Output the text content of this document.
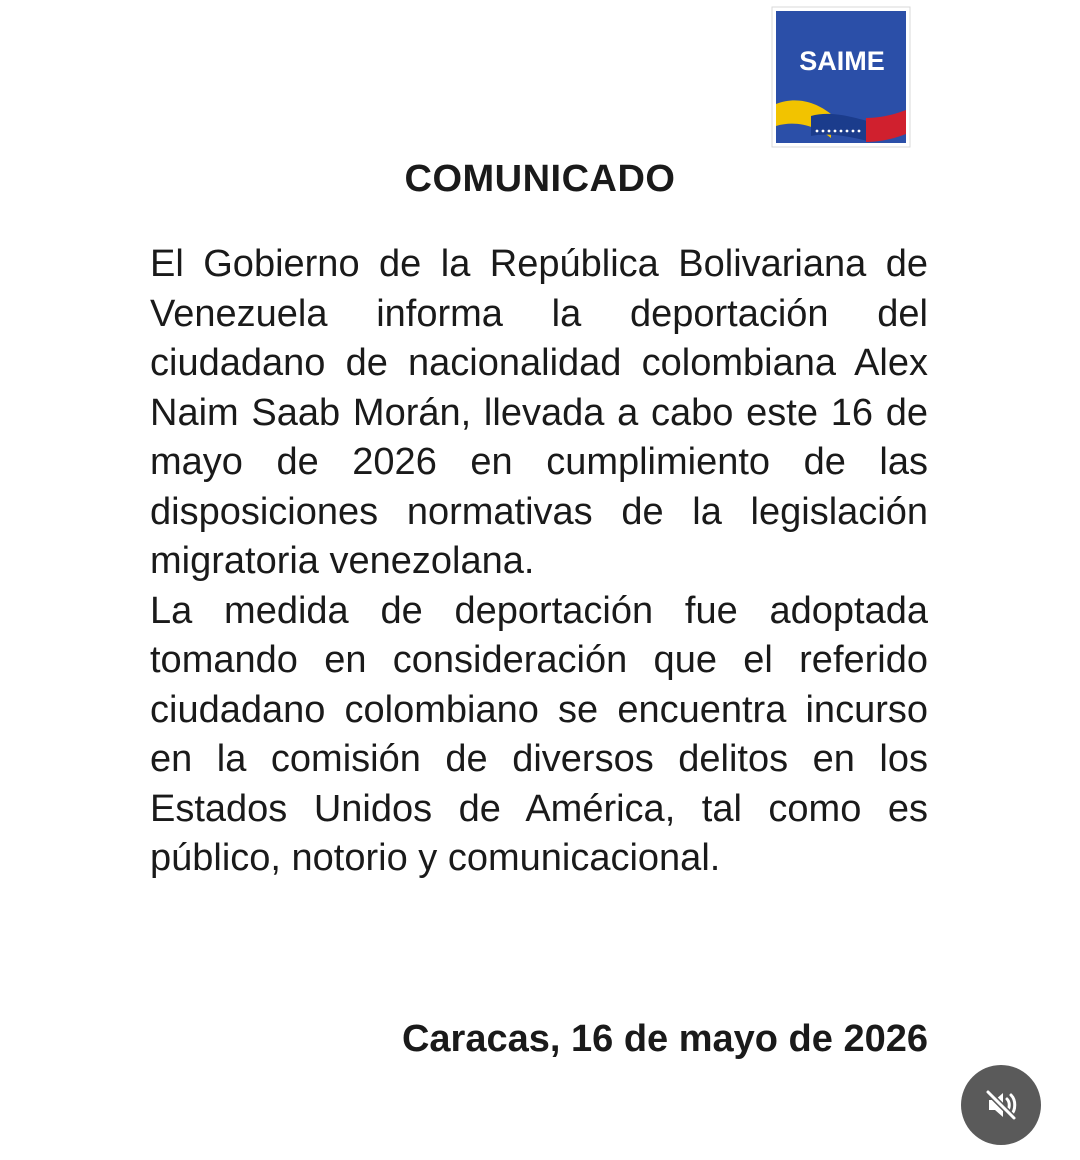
SAIME
COMUNICADO

El Gobierno de la República Bolivariana de Venezuela informa la deportación del ciudadano de nacionalidad colombiana Alex Naim Saab Morán, llevada a cabo este 16 de mayo de 2026 en cumplimiento de las disposiciones normativas de la legislación migratoria venezolana.

La medida de deportación fue adoptada tomando en consideración que el referido ciudadano colombiano se encuentra incurso en la comisión de diversos delitos en los Estados Unidos de América, tal como es público, notorio y comunicacional.

Caracas, 16 de mayo de 2026
